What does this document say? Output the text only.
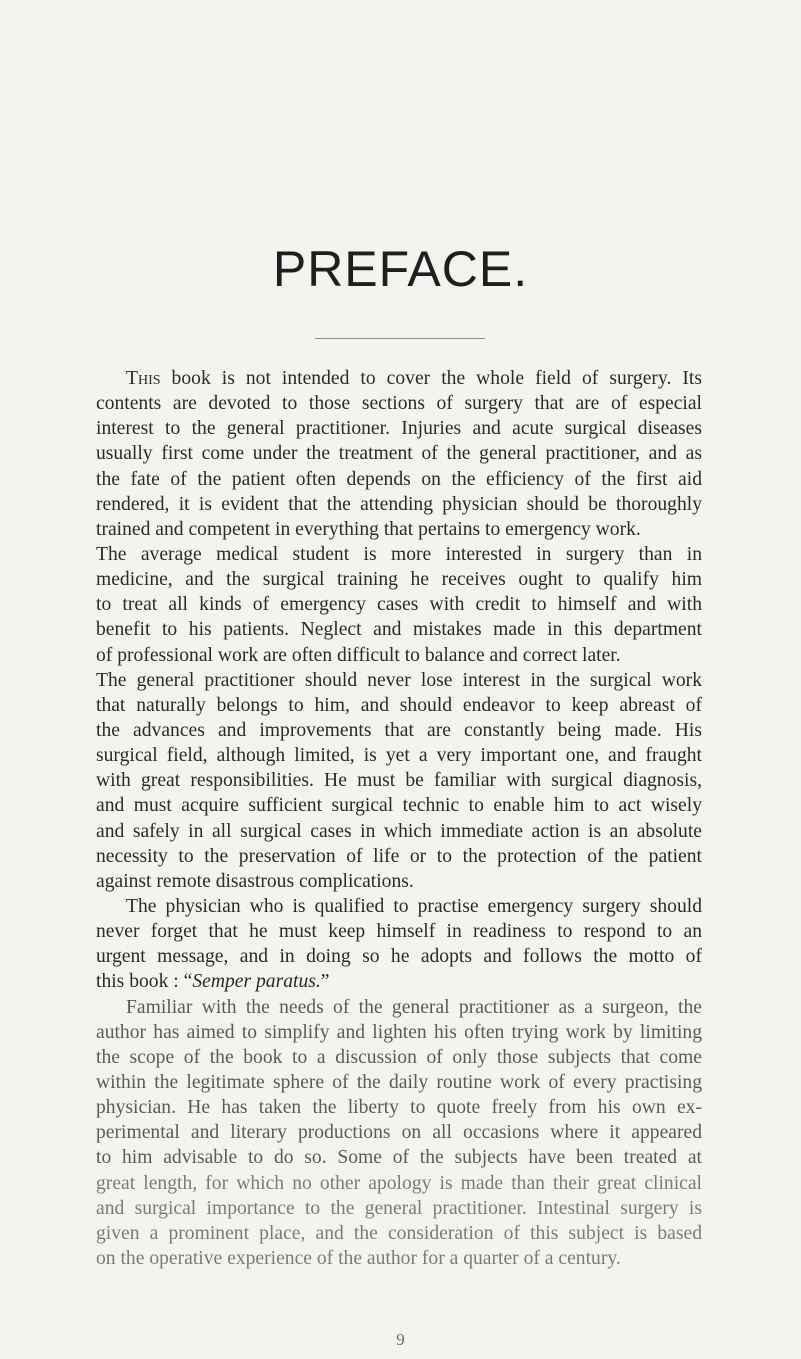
PREFACE.
This book is not intended to cover the whole field of surgery. Its
contents are devoted to those sections of surgery that are of especial
interest to the general practitioner. Injuries and acute surgical diseases
usually first come under the treatment of the general practitioner, and as
the fate of the patient often depends on the efficiency of the first aid
rendered, it is evident that the attending physician should be thoroughly
trained and competent in everything that pertains to emergency work.
The average medical student is more interested in surgery than in
medicine, and the surgical training he receives ought to qualify him
to treat all kinds of emergency cases with credit to himself and with
benefit to his patients. Neglect and mistakes made in this department
of professional work are often difficult to balance and correct later.
The general practitioner should never lose interest in the surgical work
that naturally belongs to him, and should endeavor to keep abreast of
the advances and improvements that are constantly being made. His
surgical field, although limited, is yet a very important one, and fraught
with great responsibilities. He must be familiar with surgical diagnosis,
and must acquire sufficient surgical technic to enable him to act wisely
and safely in all surgical cases in which immediate action is an absolute
necessity to the preservation of life or to the protection of the patient
against remote disastrous complications.
The physician who is qualified to practise emergency surgery should
never forget that he must keep himself in readiness to respond to an
urgent message, and in doing so he adopts and follows the motto of
this book : “Semper paratus.”
Familiar with the needs of the general practitioner as a surgeon, the
author has aimed to simplify and lighten his often trying work by limiting
the scope of the book to a discussion of only those subjects that come
within the legitimate sphere of the daily routine work of every practising
physician. He has taken the liberty to quote freely from his own ex-
perimental and literary productions on all occasions where it appeared
to him advisable to do so. Some of the subjects have been treated at
great length, for which no other apology is made than their great clinical
and surgical importance to the general practitioner. Intestinal surgery is
given a prominent place, and the consideration of this subject is based
on the operative experience of the author for a quarter of a century.
9
